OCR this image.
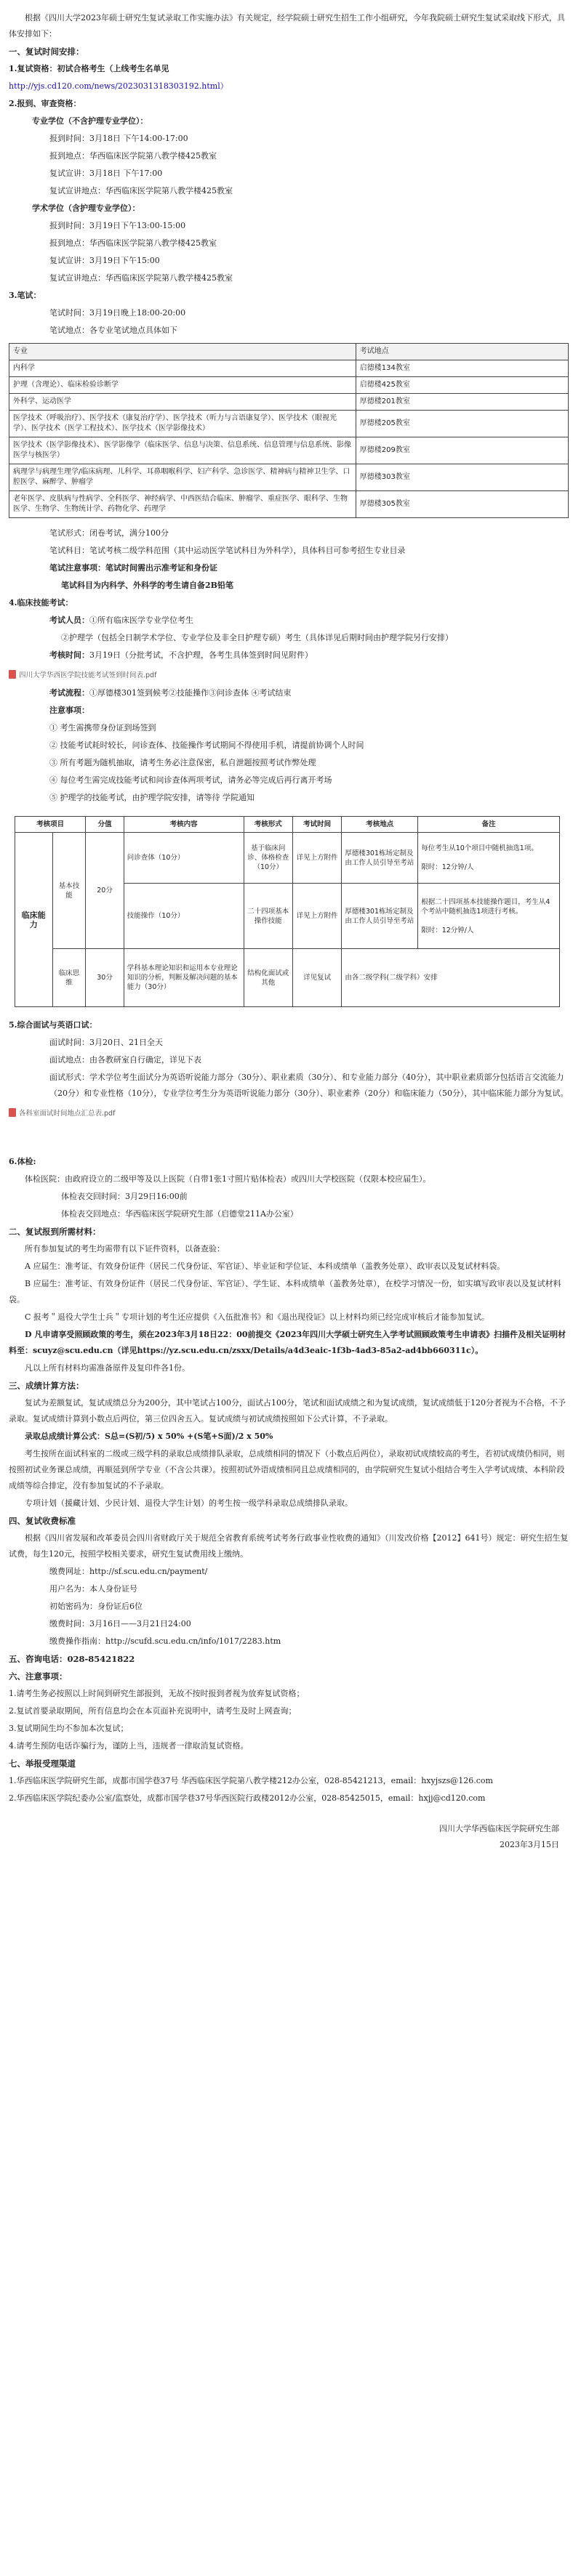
根据《四川大学2023年硕士研究生复试录取工作实施办法》有关规定，经学院硕士研究生招生工作小组研究，今年我院硕士研究生复试采取线下形式，具体安排如下：

一、复试时间安排：

1.复试资格：初试合格考生（上线考生名单见

http://yjs.cd120.com/news/2023031318303192.html）

2.报到、审查资格：

专业学位（不含护理专业学位）：

报到时间：3月18日 下午14:00-17:00

报到地点：华西临床医学院第八教学楼425教室

复试宣讲：3月18日 下午17:00

复试宣讲地点：华西临床医学院第八教学楼425教室

学术学位（含护理专业学位）：

报到时间：3月19日下午13:00-15:00

报到地点：华西临床医学院第八教学楼425教室

复试宣讲：3月19日下午15:00

复试宣讲地点：华西临床医学院第八教学楼425教室

3.笔试：

笔试时间：3月19日晚上18:00-20:00

笔试地点：各专业笔试地点具体如下

专业	考试地点
内科学	启德楼134教室
护理（含理论）、临床检验诊断学	启德楼425教室
外科学、运动医学	厚德楼201教室
医学技术（呼吸治疗）、医学技术（康复治疗学）、医学技术（听力与言语康复学）、医学技术（眼视光学）、医学技术（医学工程技术）、医学技术（医学影像技术）	厚德楼205教室
医学技术（医学影像技术）、医学影像学（临床医学、信息与决策、信息系统、信息管理与信息系统、影像医学与核医学）	厚德楼209教室
病理学与病理生理学/临床病理、儿科学、耳鼻咽喉科学、妇产科学、急诊医学、精神病与精神卫生学、口腔医学、麻醉学、肿瘤学	厚德楼303教室
老年医学、皮肤病与性病学、全科医学、神经病学、中西医结合临床、肿瘤学、重症医学、眼科学、生物医学、生物学、生物统计学、药物化学、药理学	厚德楼305教室

笔试形式：闭卷考试，满分100分

笔试科目：笔试考核二级学科范围（其中运动医学笔试科目为外科学），具体科目可参考招生专业目录

笔试注意事项：笔试时间需出示准考证和身份证

笔试科目为内科学、外科学的考生请自备2B铅笔

4.临床技能考试：

考试人员：①所有临床医学专业学位考生

②护理学（包括全日制学术学位、专业学位及非全日护理专硕）考生（具体详见后期时间由护理学院另行安排）

考核时间：3月19日（分批考试，不含护理，各考生具体签到时间见附件）

四川大学华西医学院技能考试签到时间表.pdf

考试流程：①厚德楼301签到候考②技能操作③问诊查体 ④考试结束

注意事项：

① 考生需携带身份证到场签到

② 技能考试耗时较长，问诊查体、技能操作考试期间不得使用手机，请提前协调个人时间

③ 所有考题为随机抽取，请考生务必注意保密，私自泄题按照考试作弊处理

④ 每位考生需完成技能考试和问诊查体两项考试，请务必等完成后再行离开考场

⑤ 护理学的技能考试，由护理学院安排，请等待 学院通知

考核项目		分值	考核内容	考核形式	考试时间	考核地点	备注
临床能力	基本技能	20分	问诊查体（10分）	基于临床问诊、体格检查（10分）	详见上方附件	厚德楼301栋场定制及由工作人员引导至考站	每位考生从10个项目中随机抽选1项。

限时：12分钟/人
			技能操作（10分）	二十四项基本操作技能	详见上方附件	厚德楼301栋场定制及由工作人员引导至考站	根据二十四项基本技能操作题目，考生从4个考站中随机抽选1项进行考核。

限时：12分钟/人
	临床思维	30分	学科基本理论知识和运用本专业理论知识的分析，判断及解决问题的基本能力（30分）	结构化面试或其他	详见复试	由各二级学科(二级学科）安排	

5.综合面试与英语口试：

面试时间：3月20日、21日全天

面试地点：由各教研室自行确定，详见下表

面试形式：学术学位考生面试分为英语听说能力部分（30分）、职业素质（30分）、和专业能力部分（40分），其中职业素质部分包括语言交流能力（20分）和专业性格（10分），专业学位考生分为英语听说能力部分（30分）、职业素养（20分）和临床能力（50分），其中临床能力部分为复试。

各科室面试时间地点汇总表.pdf

6.体检:

体检医院：由政府设立的二级甲等及以上医院（自带1张1寸照片贴体检表）或四川大学校医院（仅限本校应届生）。

体检表交回时间：3月29日16:00前

体检表交回地点：华西临床医学院研究生部（启德堂211A办公室）

二、复试报到所需材料：

所有参加复试的考生均需带有以下证件资料，以备查验：

A 应届生：准考证、有效身份证件（居民二代身份证、军官证）、毕业证和学位证、本科成绩单（盖教务处章）、政审表以及复试材料袋。

B 应届生：准考证、有效身份证件（居民二代身份证、军官证）、学生证、本科成绩单（盖教务处章），在校学习情况一份，如实填写政审表以及复试材料袋。

C 报考＂退役大学生士兵＂专项计划的考生还应提供《入伍批准书》和《退出现役证》以上材料均须已经完成审核后才能参加复试。

D 凡申请享受照顾政策的考生，须在2023年3月18日22：00前提交《2023年四川大学硕士研究生入学考试照顾政策考生申请表》扫描件及相关证明材料至：scuyz@scu.edu.cn（详见https://yz.scu.edu.cn/zsxx/Details/a4d3eaic-1f3b-4ad3-85a2-ad4bb660311c）。

凡以上所有材料均需准备原件及复印件各1份。

三、成绩计算方法：

复试为差额复试，复试成绩总分为200分，其中笔试占100分，面试占100分，笔试和面试成绩之和为复试成绩，复试成绩低于120分者视为不合格，不予录取。复试成绩计算到小数点后两位，第三位四舍五入。复试成绩与初试成绩按照如下公式计算，不予录取。

录取总成绩计算公式：S总=(S初/5) x 50% +(S笔+S面)/2 x 50%

考生按所在面试科室的二级或三级学科的录取总成绩排队录取，总成绩相同的情况下（小数点后两位），录取初试成绩较高的考生，若初试成绩仍相同，则按照初试业务课总成绩，再顺延到所学专业（不含公共课）。按照初试外语成绩相同且总成绩相同的，由学院研究生复试小组结合考生入学考试成绩、本科阶段成绩等综合排定，没有参加复试的不予录取。

专项计划（援藏计划、少民计划、退役大学生计划）的考生按一级学科录取总成绩排队录取。

四、复试收费标准

根据《四川省发展和改革委员会四川省财政厅关于规范全省教育系统考试考务行政事业性收费的通知》（川发改价格【2012】641号）规定：研究生招生复试费，每生120元，按照学校相关要求，研究生复试费用线上缴纳。

缴费网址：http://sf.scu.edu.cn/payment/

用户名为：本人身份证号

初始密码为：身份证后6位

缴费时间：3月16日——3月21日24:00

缴费操作指南：http://scufd.scu.edu.cn/info/1017/2283.htm

五、咨询电话：028-85421822

六、注意事项：

1.请考生务必按照以上时间到研究生部报到，无故不按时报到者视为放弃复试资格；

2.复试首要录取期间，所有信息均会在本页面补充说明中，请考生及时上网查询；

3.复试期间生均不参加本次复试；

4.请考生预防电话诈骗行为，谨防上当，违规者一律取消复试资格。

七、举报受理渠道

1.华西临床医学院研究生部，成都市国学巷37号 华西临床医学院第八教学楼212办公室，028-85421213，email：hxyjszs@126.com

2.华西临床医学院纪委办公室/监察处，成都市国学巷37号华西医院行政楼2012办公室，028-85425015，email：hxjj@cd120.com

四川大学华西临床医学院研究生部

2023年3月15日
